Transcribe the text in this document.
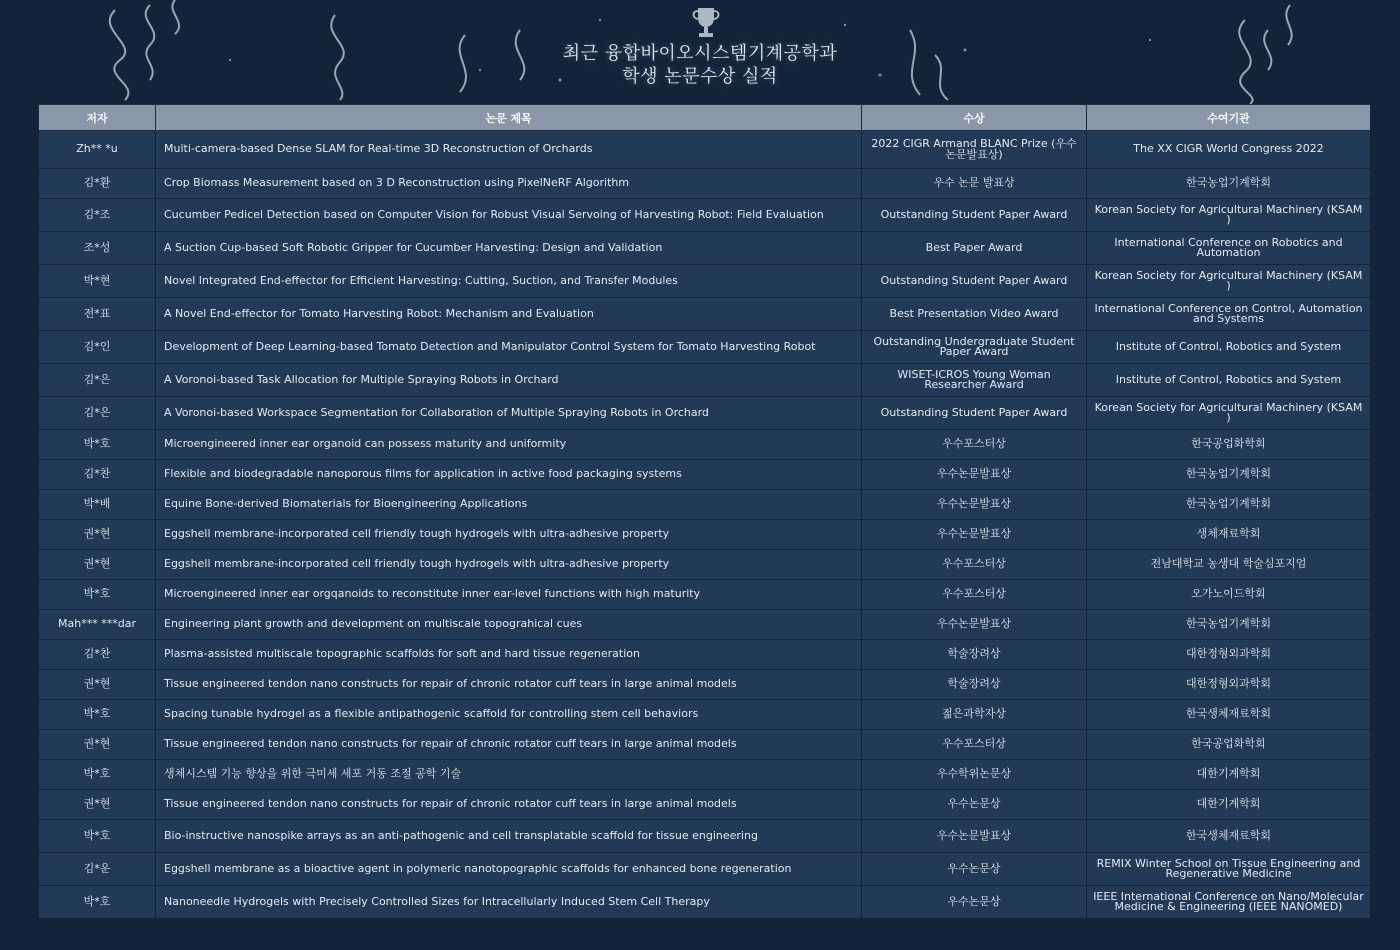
최근 융합바이오시스템기계공학과
학생 논문수상 실적
저자	논문 제목	수상	수여기관
Zh** *u	Multi-camera-based Dense SLAM for Real-time 3D Reconstruction of Orchards	2022 CIGR Armand BLANC Prize (우수논문발표상)	The XX CIGR World Congress 2022
김*환	Crop Biomass Measurement based on 3 D Reconstruction using PixelNeRF Algorithm	우수 논문 발표상	한국농업기계학회
김*조	Cucumber Pedicel Detection based on Computer Vision for Robust Visual Servoing of Harvesting Robot: Field Evaluation	Outstanding Student Paper Award	Korean Society for Agricultural Machinery (KSAM )
조*성	A Suction Cup-based Soft Robotic Gripper for Cucumber Harvesting: Design and Validation	Best Paper Award	International Conference on Robotics and Automation
박*현	Novel Integrated End-effector for Efficient Harvesting: Cutting, Suction, and Transfer Modules	Outstanding Student Paper Award	Korean Society for Agricultural Machinery (KSAM )
전*표	A Novel End-effector for Tomato Harvesting Robot: Mechanism and Evaluation	Best Presentation Video Award	International Conference on Control, Automation and Systems
김*인	Development of Deep Learning-based Tomato Detection and Manipulator Control System for Tomato Harvesting Robot	Outstanding Undergraduate Student Paper Award	Institute of Control, Robotics and System
김*은	A Voronoi-based Task Allocation for Multiple Spraying Robots in Orchard	WISET-ICROS Young Woman Researcher Award	Institute of Control, Robotics and System
김*은	A Voronoi-based Workspace Segmentation for Collaboration of Multiple Spraying Robots in Orchard	Outstanding Student Paper Award	Korean Society for Agricultural Machinery (KSAM )
박*호	Microengineered inner ear organoid can possess maturity and uniformity	우수포스터상	한국공업화학회
김*찬	Flexible and biodegradable nanoporous films for application in active food packaging systems	우수논문발표상	한국농업기계학회
박*배	Equine Bone-derived Biomaterials for Bioengineering Applications	우수논문발표상	한국농업기계학회
권*현	Eggshell membrane-incorporated cell friendly tough hydrogels with ultra-adhesive property	우수논문발표상	생체재료학회
권*현	Eggshell membrane-incorporated cell friendly tough hydrogels with ultra-adhesive property	우수포스터상	전남대학교 농생대 학술심포지엄
박*호	Microengineered inner ear orgqanoids to reconstitute inner ear-level functions with high maturity	우수포스터상	오가노이드학회
Mah*** ***dar	Engineering plant growth and development on multiscale topograhical cues	우수논문발표상	한국농업기계학회
김*찬	Plasma-assisted multiscale topographic scaffolds for soft and hard tissue regeneration	학술장려상	대한정형외과학회
권*현	Tissue engineered tendon nano constructs for repair of chronic rotator cuff tears in large animal models	학술장려상	대한정형외과학회
박*호	Spacing tunable hydrogel as a flexible antipathogenic scaffold for controlling stem cell behaviors	젊은과학자상	한국생체재료학회
권*현	Tissue engineered tendon nano constructs for repair of chronic rotator cuff tears in large animal models	우수포스터상	한국공업화학회
박*호	생체시스템 기능 향상을 위한 극미세 세포 거동 조절 공학 기술	우수학위논문상	대한기계학회
권*현	Tissue engineered tendon nano constructs for repair of chronic rotator cuff tears in large animal models	우수논문상	대한기계학회
박*호	Bio-instructive nanospike arrays as an anti-pathogenic and cell transplatable scaffold for tissue engineering	우수논문발표상	한국생체재료학회
김*운	Eggshell membrane as a bioactive agent in polymeric nanotopographic scaffolds for enhanced bone regeneration	우수논문상	REMIX Winter School on Tissue Engineering and Regenerative Medicine
박*호	Nanoneedle Hydrogels with Precisely Controlled Sizes for Intracellularly Induced Stem Cell Therapy	우수논문상	IEEE International Conference on Nano/Molecular Medicine & Engineering (IEEE NANOMED)
